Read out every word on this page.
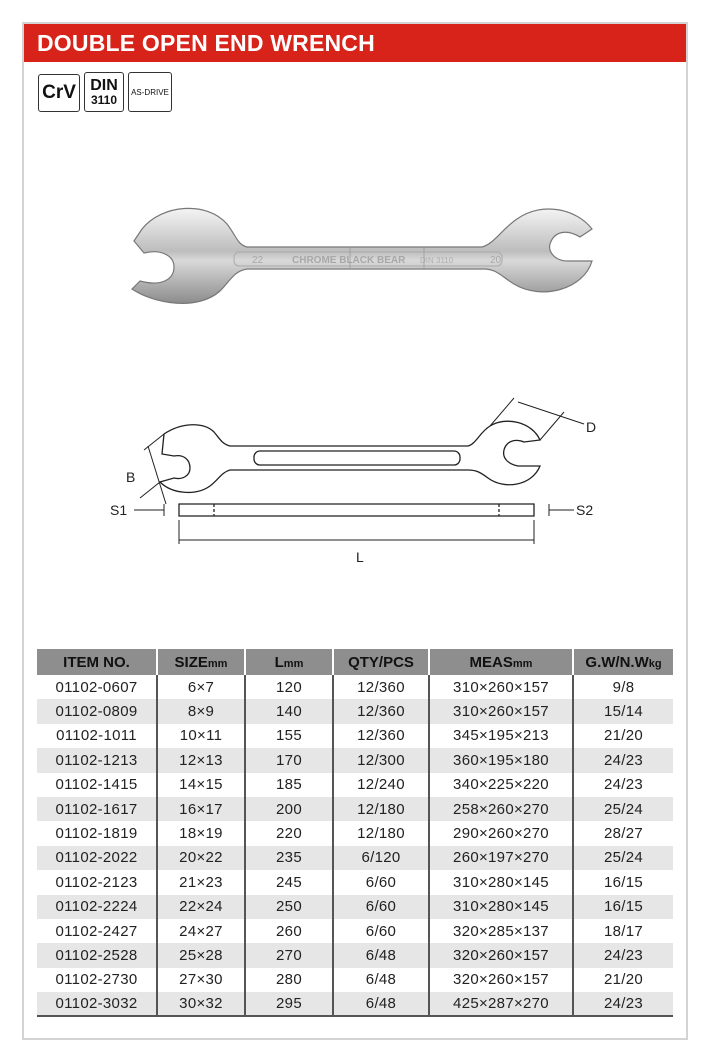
DOUBLE OPEN END WRENCH
CrV DIN
3110
AS-DRIVE
22	CHROME BLACK BEAR DIN 3110	20
B
D
S1	S2
L
ITEM NO.	SIZEmm	Lmm	QTY/PCS	MEASmm	G.W/N.Wkg
01102-0607	6×7	120	12/360	310×260×157	9/8
01102-0809	8×9	140	12/360	310×260×157	15/14
01102-1011	10×11	155	12/360	345×195×213	21/20
01102-1213	12×13	170	12/300	360×195×180	24/23
01102-1415	14×15	185	12/240	340×225×220	24/23
01102-1617	16×17	200	12/180	258×260×270	25/24
01102-1819	18×19	220	12/180	290×260×270	28/27
01102-2022	20×22	235	6/120	260×197×270	25/24
01102-2123	21×23	245	6/60	310×280×145	16/15
01102-2224	22×24	250	6/60	310×280×145	16/15
01102-2427	24×27	260	6/60	320×285×137	18/17
01102-2528	25×28	270	6/48	320×260×157	24/23
01102-2730	27×30	280	6/48	320×260×157	21/20
01102-3032	30×32	295	6/48	425×287×270	24/23
